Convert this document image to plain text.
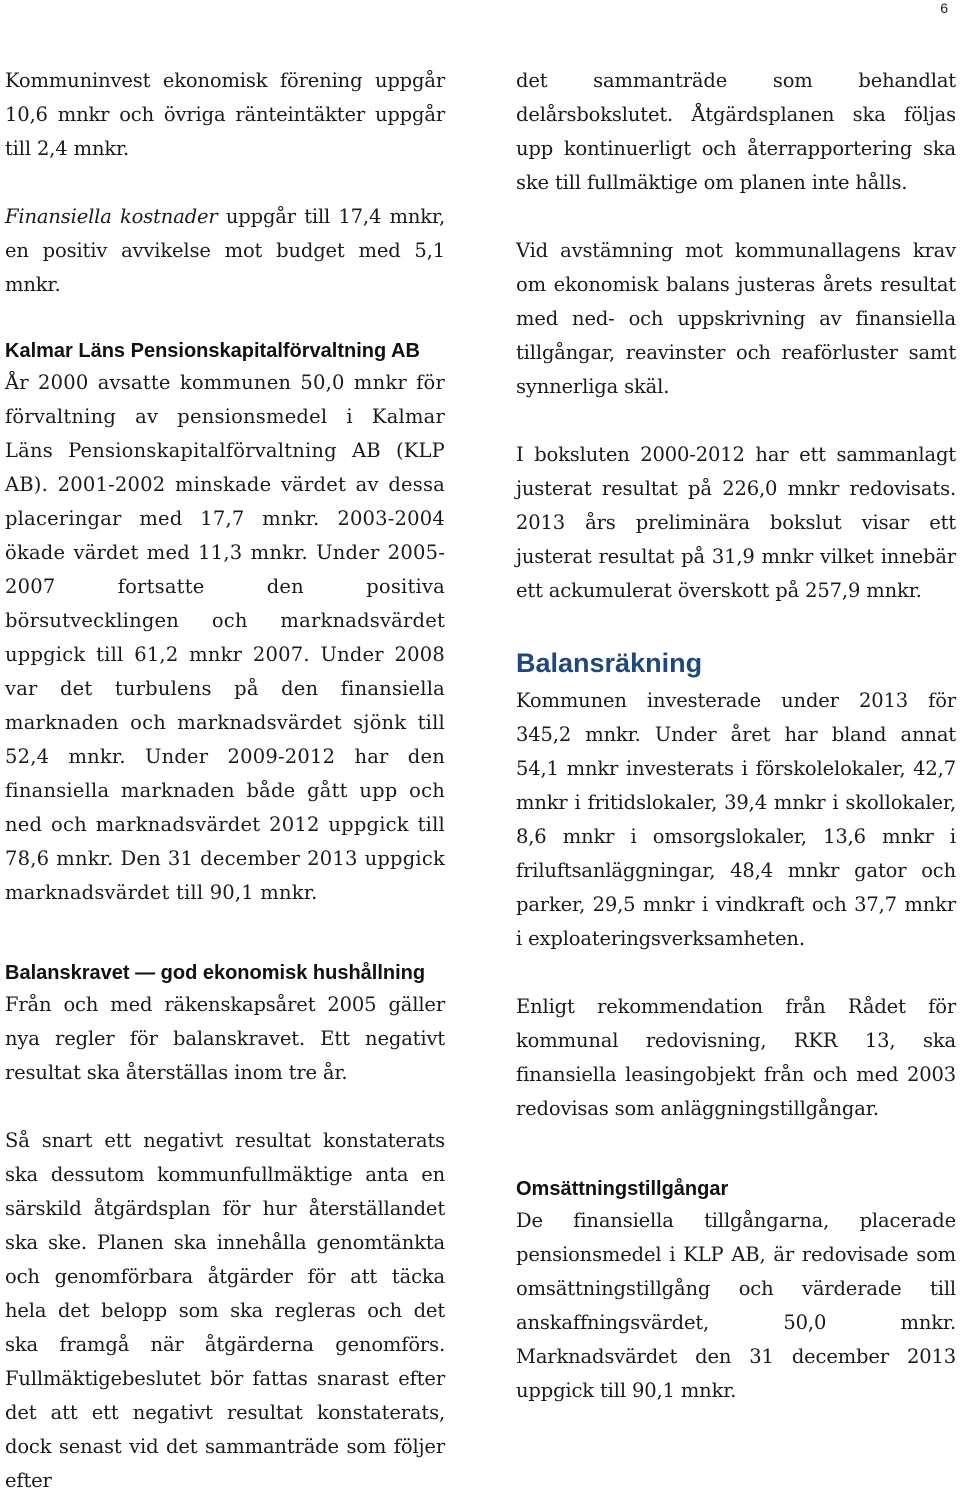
6

Kommuninvest ekonomisk förening uppgår 10,6 mnkr och övriga ränteintäkter uppgår till 2,4 mnkr.

Finansiella kostnader uppgår till 17,4 mnkr, en positiv avvikelse mot budget med 5,1 mnkr.

Kalmar Läns Pensionskapitalförvaltning AB

År 2000 avsatte kommunen 50,0 mnkr för förvaltning av pensionsmedel i Kalmar Läns Pensionskapitalförvaltning AB (KLP AB). 2001-2002 minskade värdet av dessa placeringar med 17,7 mnkr. 2003-2004 ökade värdet med 11,3 mnkr. Under 2005-2007 fortsatte den positiva börsutvecklingen och marknadsvärdet uppgick till 61,2 mnkr 2007. Under 2008 var det turbulens på den finansiella marknaden och marknadsvärdet sjönk till 52,4 mnkr. Under 2009-2012 har den finansiella marknaden både gått upp och ned och marknadsvärdet 2012 uppgick till 78,6 mnkr. Den 31 december 2013 uppgick marknadsvärdet till 90,1 mnkr.

Balanskravet — god ekonomisk hushållning

Från och med räkenskapsåret 2005 gäller nya regler för balanskravet. Ett negativt resultat ska återställas inom tre år.

Så snart ett negativt resultat konstaterats ska dessutom kommunfullmäktige anta en särskild åtgärdsplan för hur återställandet ska ske. Planen ska innehålla genomtänkta och genomförbara åtgärder för att täcka hela det belopp som ska regleras och det ska framgå när åtgärderna genomförs. Fullmäktigebeslutet bör fattas snarast efter det att ett negativt resultat konstaterats, dock senast vid det sammanträde som följer efter

det sammanträde som behandlat delårsbokslutet. Åtgärdsplanen ska följas upp kontinuerligt och återrapportering ska ske till fullmäktige om planen inte hålls.

Vid avstämning mot kommunallagens krav om ekonomisk balans justeras årets resultat med ned- och uppskrivning av finansiella tillgångar, reavinster och reaförluster samt synnerliga skäl.

I boksluten 2000-2012 har ett sammanlagt justerat resultat på 226,0 mnkr redovisats. 2013 års preliminära bokslut visar ett justerat resultat på 31,9 mnkr vilket innebär ett ackumulerat överskott på 257,9 mnkr.

Balansräkning

Kommunen investerade under 2013 för 345,2 mnkr. Under året har bland annat 54,1 mnkr investerats i förskolelokaler, 42,7 mnkr i fritidslokaler, 39,4 mnkr i skollokaler, 8,6 mnkr i omsorgslokaler, 13,6 mnkr i friluftsanläggningar, 48,4 mnkr gator och parker, 29,5 mnkr i vindkraft och 37,7 mnkr i exploateringsverksamheten.

Enligt rekommendation från Rådet för kommunal redovisning, RKR 13, ska finansiella leasingobjekt från och med 2003 redovisas som anläggningstillgångar.

Omsättningstillgångar

De finansiella tillgångarna, placerade pensionsmedel i KLP AB, är redovisade som omsättningstillgång och värderade till anskaffningsvärdet, 50,0 mnkr. Marknadsvärdet den 31 december 2013 uppgick till 90,1 mnkr.
